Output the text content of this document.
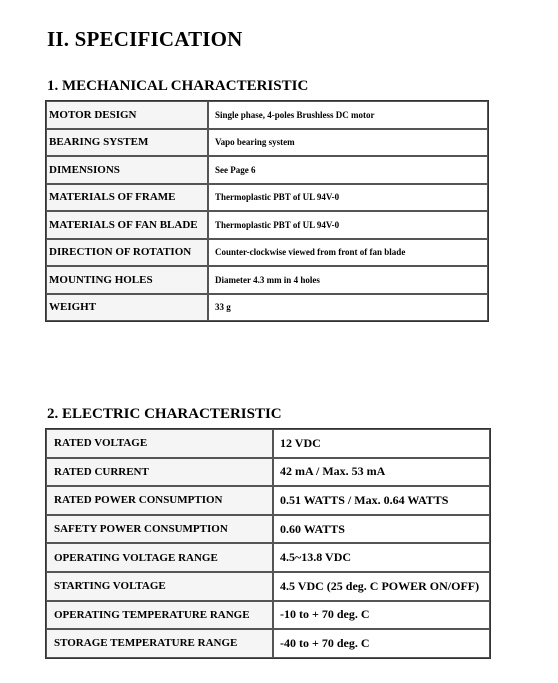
II. SPECIFICATION
1. MECHANICAL CHARACTERISTIC
MOTOR DESIGN	Single phase, 4-poles Brushless DC motor
BEARING SYSTEM	Vapo bearing system
DIMENSIONS	See Page 6
MATERIALS OF FRAME	Thermoplastic PBT of UL 94V-0
MATERIALS OF FAN BLADE	Thermoplastic PBT of UL 94V-0
DIRECTION OF ROTATION	Counter-clockwise viewed from front of fan blade
MOUNTING HOLES	Diameter 4.3 mm in 4 holes
WEIGHT	33 g
2. ELECTRIC CHARACTERISTIC
RATED VOLTAGE	12 VDC
RATED CURRENT	42 mA / Max. 53 mA
RATED POWER CONSUMPTION	0.51 WATTS / Max. 0.64 WATTS
SAFETY POWER CONSUMPTION	0.60 WATTS
OPERATING VOLTAGE RANGE	4.5~13.8 VDC
STARTING VOLTAGE	4.5 VDC (25 deg. C POWER ON/OFF)
OPERATING TEMPERATURE RANGE	-10 to + 70 deg. C
STORAGE TEMPERATURE RANGE	-40 to + 70 deg. C
